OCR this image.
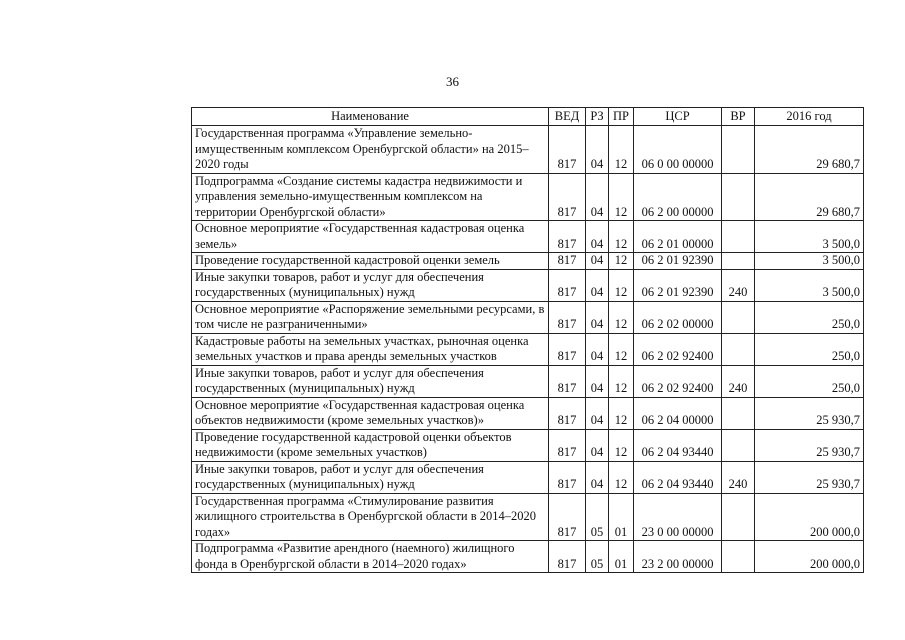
36
Наименование	ВЕД	РЗ	ПР	ЦСР	ВР	2016 год
Государственная программа «Управление земельно-имущественным комплексом Оренбургской области» на 2015–2020 годы	817	04	12	06 0 00 00000		29 680,7
Подпрограмма «Создание системы кадастра недвижимости и управления земельно-имущественным комплексом на территории Оренбургской области»	817	04	12	06 2 00 00000		29 680,7
Основное мероприятие «Государственная кадастровая оценка земель»	817	04	12	06 2 01 00000		3 500,0
Проведение государственной кадастровой оценки земель	817	04	12	06 2 01 92390		3 500,0
Иные закупки товаров, работ и услуг для обеспечения государственных (муниципальных) нужд	817	04	12	06 2 01 92390	240	3 500,0
Основное мероприятие «Распоряжение земельными ресурсами, в том числе не разграниченными»	817	04	12	06 2 02 00000		250,0
Кадастровые работы на земельных участках, рыночная оценка земельных участков и права аренды земельных участков	817	04	12	06 2 02 92400		250,0
Иные закупки товаров, работ и услуг для обеспечения государственных (муниципальных) нужд	817	04	12	06 2 02 92400	240	250,0
Основное мероприятие «Государственная кадастровая оценка объектов недвижимости (кроме земельных участков)»	817	04	12	06 2 04 00000		25 930,7
Проведение государственной кадастровой оценки объектов недвижимости (кроме земельных участков)	817	04	12	06 2 04 93440		25 930,7
Иные закупки товаров, работ и услуг для обеспечения государственных (муниципальных) нужд	817	04	12	06 2 04 93440	240	25 930,7
Государственная программа «Стимулирование развития жилищного строительства в Оренбургской области в 2014–2020 годах»	817	05	01	23 0 00 00000		200 000,0
Подпрограмма «Развитие арендного (наемного) жилищного фонда в Оренбургской области в 2014–2020 годах»	817	05	01	23 2 00 00000		200 000,0
